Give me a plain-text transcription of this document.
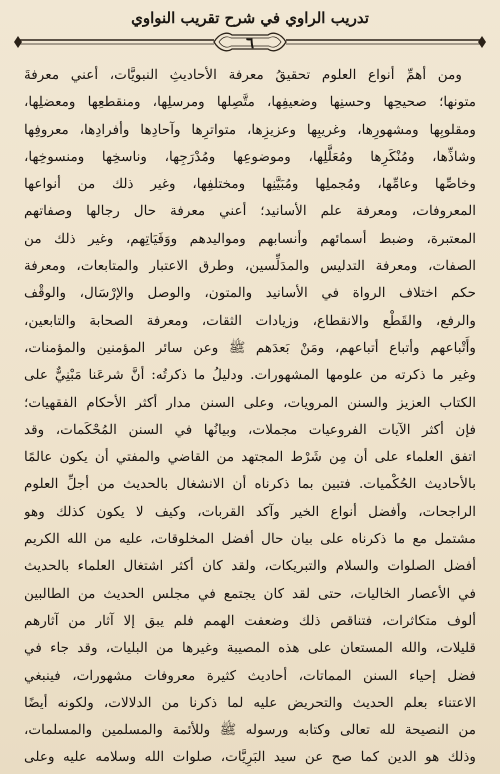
تدريب الراوي في شرح تقريب النواوي
٦
ومن أهمِّ أنواع العلوم تحقيقُ معرفة الأحاديثِ النبويَّات، أعني معرفةَ
متونها؛ صحيحِها وحسنِها وضعيفِها، متَّصِلها ومرسلِها، ومنقطعِها ومعضلِها،
ومقلوبِها ومشهورِها، وغريبِها وعزيزِها، متواترِها وآحادِها وأفرادِها، معروفِها
وشاذِّها، ومُنْكَرِها ومُعَلَّلِها، وموضوعِها ومُدْرَجِها، وناسخِها ومنسوخِها،
وخاصِّها وعامِّها، ومُجملِها ومُبَيَّنِها ومختلفِها، وغير ذلك من أنواعها
المعروفات، ومعرفة علم الأسانيد؛ أعني معرفة حال رجالها وصفاتهم
المعتبرة، وضبط أسمائهم وأنسابهم ومواليدهم ووَفَيَاتِهم، وغير ذلك من
الصفات، ومعرفة التدليس والمدَلِّسين، وطرق الاعتبار والمتابعات، ومعرفة
حكم اختلاف الرواة في الأسانيد والمتون، والوصل والإرْسَال، والوقْف
والرفع، والقَطْع والانقطاع، وزيادات الثقات، ومعرفة الصحابة والتابعين،
وأَتْباعهم وأتباع أتباعهم، ومَنْ بَعدَهم ﷺ وعن سائر المؤمنين والمؤمنات،
وغير ما ذكرته من علومها المشهورات. ودليلُ ما ذكرتُه: أنَّ شرعَنا مَبْنِيٌّ على
الكتاب العزيز والسنن المرويات، وعلى السنن مدار أكثر الأحكام الفقهيات؛
فإن أكثر الآيات الفروعيات مجملات، وبيانُها في السنن المُحْكَمات، وقد
اتفق العلماء على أن مِن شَرْط المجتهد من القاضي والمفتي أن يكون عالمًا
بالأحاديث الحُكْميات. فتبين بما ذكرناه أن الانشغال بالحديث من أجلِّ العلوم
الراجحات، وأفضل أنواع الخير وآكد القربات، وكيف لا يكون كذلك وهو
مشتمل مع ما ذكرناه على بيان حال أفضل المخلوقات، عليه من الله الكريم
أفضل الصلوات والسلام والتبريكات، ولقد كان أكثر اشتغال العلماء بالحديث
في الأعصار الخاليات، حتى لقد كان يجتمع في مجلس الحديث من الطالبين
ألوف متكاثرات، فتناقص ذلك وضعفت الهمم فلم يبق إلا آثار من آثارهم
قليلات، والله المستعان على هذه المصيبة وغيرها من البليات، وقد جاء في
فضل إحياء السنن المماتات، أحاديث كثيرة معروفات مشهورات، فينبغي
الاعتناء بعلم الحديث والتحريض عليه لما ذكرنا من الدلالات، ولكونه أيضًا
من النصيحة لله تعالى وكتابه ورسوله ﷺ وللأئمة والمسلمين والمسلمات،
وذلك هو الدين كما صح عن سيد البَرِيَّات، صلوات الله وسلامه عليه وعلى
